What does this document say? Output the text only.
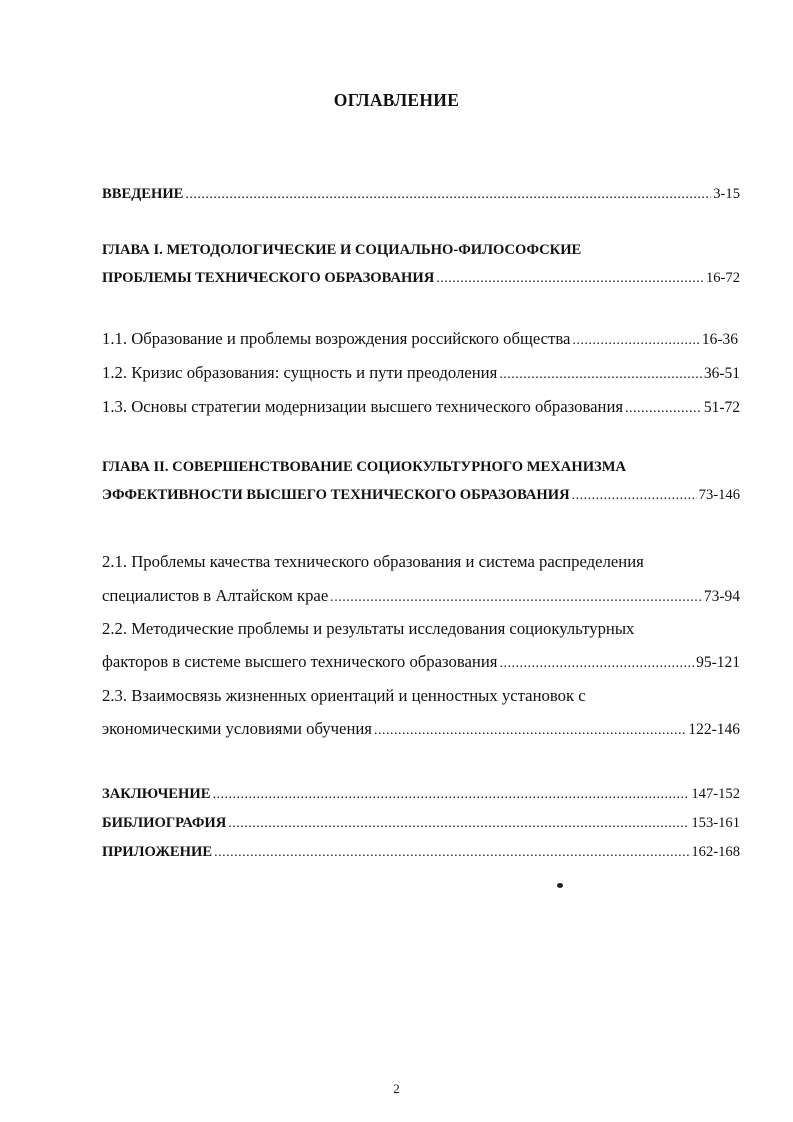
ОГЛАВЛЕНИЕ
ВВЕДЕНИЕ .....	3-15
ГЛАВА I. МЕТОДОЛОГИЧЕСКИЕ И СОЦИАЛЬНО-ФИЛОСОФСКИЕ
ПРОБЛЕМЫ ТЕХНИЧЕСКОГО ОБРАЗОВАНИЯ .....	16-72
1.1. Образование и проблемы возрождения российского общества .....	16-36
1.2. Кризис образования: сущность и пути преодоления .....	36-51
1.3. Основы стратегии модернизации высшего технического образования .....	51-72
ГЛАВА II. СОВЕРШЕНСТВОВАНИЕ СОЦИОКУЛЬТУРНОГО МЕХАНИЗМА
ЭФФЕКТИВНОСТИ ВЫСШЕГО ТЕХНИЧЕСКОГО ОБРАЗОВАНИЯ .....	73-146
2.1. Проблемы качества технического образования и система распределения
специалистов в Алтайском крае .....	73-94
2.2. Методические проблемы и результаты исследования социокультурных
факторов в системе высшего технического образования .....	95-121
2.3. Взаимосвязь жизненных ориентаций и ценностных установок с
экономическими условиями обучения .....	122-146
ЗАКЛЮЧЕНИЕ .....	147-152
БИБЛИОГРАФИЯ .....	153-161
ПРИЛОЖЕНИЕ .....	162-168
2
